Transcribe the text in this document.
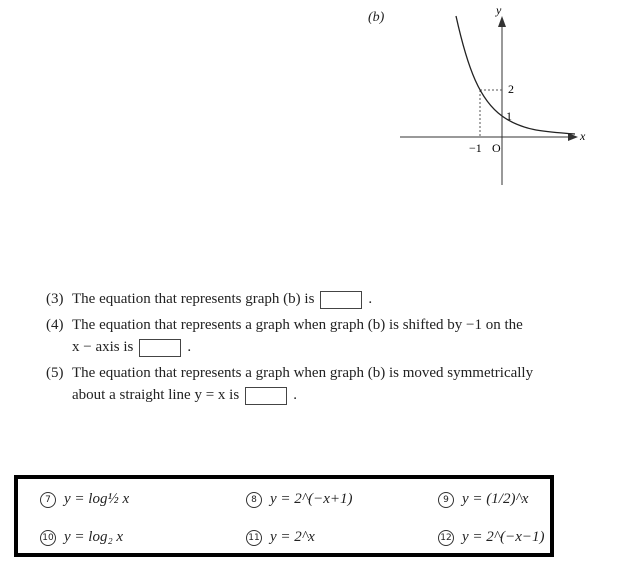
(b)	y
x
2
1
−1 O
(3) The equation that represents graph (b) is	.
(4) The equation that represents a graph when graph (b) is shifted by −1 on the
x − axis is	.
(5) The equation that represents a graph when graph (b) is moved symmetrically
about a straight line y = x is	.
7 y = log½ x	8 y = 2^(−x+1)	9 y = (1/2)^x
10 y = log₂ x	11 y = 2^x	12 y = 2^(−x−1)
